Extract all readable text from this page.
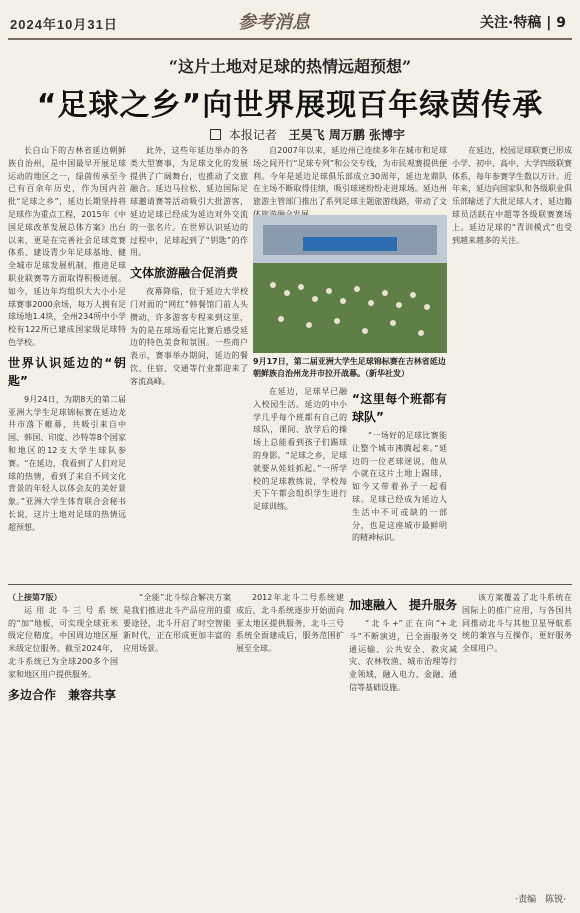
2024年10月31日	参考消息	关注·特稿 | 9
“这片土地对足球的热情远超预想”
“足球之乡”向世界展现百年绿茵传承
本报记者 王昊飞 周万鹏 张博宇

长白山下的吉林省延边朝鲜族自治州，是中国最早开展足球运动的地区之一，绿茵传承至今已有百余年历史，作为国内首批“足球之乡”，延边长期坚持将足球作为重点工程，2015年《中国足球改革发展总体方案》出台以来，更是在完善社会足球竞赛体系、建设青少年足球基地、健全城市足球发展机制、推进足球职业联赛等方面取得积极进展。如今，延边年均组织大大小小足球赛事2000余场，每万人拥有足球场地1.4块，全州234所中小学校有122所已建成国家级足球特色学校。

世界认识延边的“钥匙”

9月24日，为期8天的第二届亚洲大学生足球锦标赛在延边龙井市落下帷幕，共吸引来自中国、韩国、印度、沙特等8个国家和地区的12支大学生球队参赛。“在延边，我看到了人们对足球的热情，看到了来自不同文化背景的年轻人以体会友的美好景象。”亚洲大学生体育联合会秘书长说，这片土地对足球的热情远超预想。

此外，这些年延边举办的各类大型赛事，为足球文化的发展提供了广阔舞台，也推动了文旅融合。延边马拉松、延边国际足球邀请赛等活动吸引大批游客，延边足球已经成为延边对外交流的一张名片。在世界认识延边的过程中，足球起到了“钥匙”的作用。

文体旅游融合促消费

夜幕降临，位于延边大学校门对面的“网红”韩餐馆门前人头攒动，许多游客专程来到这里，为的是在球场看完比赛后感受延边的特色美食和氛围。一些商户表示，赛事举办期间，延边的餐饮、住宿、交通等行业都迎来了客流高峰。

自2007年以来，延边州已连续多年在城市和足球场之间开行“足球专列”和公交专线，为市民观赛提供便利。今年是延边足球俱乐部成立30周年，延边龙鼎队在主场不断取得佳绩，吸引球迷纷纷走进球场。延边州旅游主管部门推出了系列足球主题旅游线路，带动了文

9月17日，第二届亚洲大学生足球锦标赛在吉林省延边朝鲜族自治州龙井市拉开战幕。（新华社发）

在延边，足球早已融入校园生活。延边的中小学几乎每个班都有自己的球队，课间、放学后的操场上总能看到孩子们踢球的身影。“足球之乡，足球就要从娃娃抓起。”一所学校的足球教练说，学校每天下午都会组织学生进行足球训练。

“这里每个班都有球队”

“一场好的足球比赛能让整个城市沸腾起来。”延边的一位老球迷说，他从小就在这片土地上踢球，如今又带着孙子一起看球。足球已经成为延边人生活中不可或缺的一部分，也是这座城市最鲜明的精神标识。

在延边，校园足球联赛已形成小学、初中、高中、大学四级联赛体系，每年参赛学生数以万计。近年来，延边向国家队和各级职业俱乐部输送了大批足球人才，延边籍球员活跃在中超等各级联赛赛场上。延边足球的“青训模式”也受到越来越多的关注。

（上接第7版）

运用北斗三号系统的“加”地板，可实现全球亚米级定位精度，中国周边地区厘米级定位服务。截至2024年，北斗系统已为全球200多个国家和地区用户提供服务。

多边合作　兼容共享

“全能”北斗综合解决方案是我们推进北斗产品应用的重要途径，北斗开启了时空智能新时代，正在形成更加丰富的应用场景。

2012年北斗二号系统建成后，北斗系统逐步开始面向亚太地区提供服务，北斗三号系统全面建成后，服务范围扩展至全球。

加速融入　提升服务

“北斗+”正在向“+北斗”不断演进，已全面服务交通运输、公共安全、救灾减灾、农林牧渔、城市治理等行业领域，融入电力、金融、通信等基础设施。

该方案覆盖了北斗系统在国际上的推广应用，与各国共同推动北斗与其他卫星导航系统的兼容与互操作，更好服务全球用户。

·责编　陈锐·
